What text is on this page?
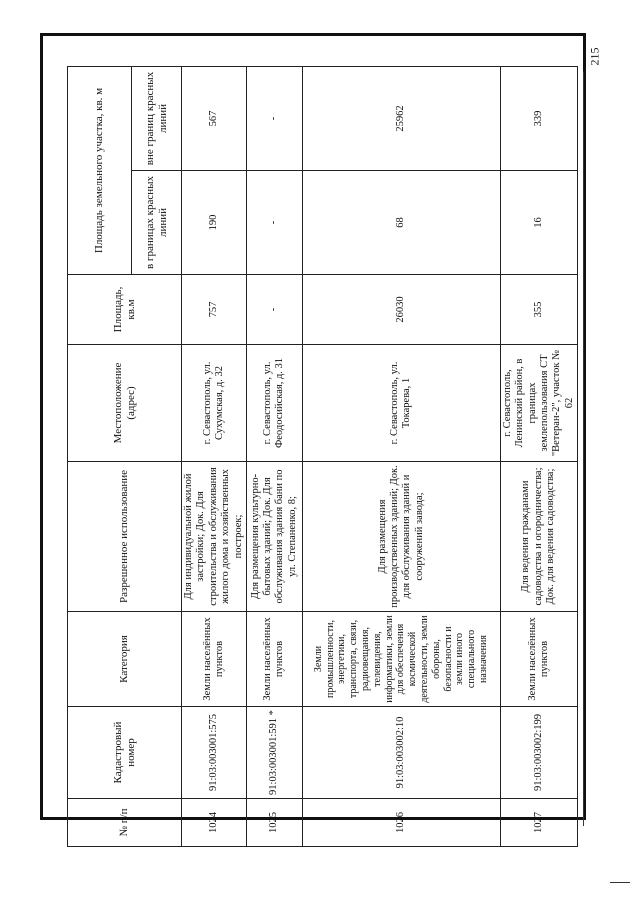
215
№ п/п	Кадастровый номер	Категория	Разрешенное использование	Местоположение (адрес)	Площадь, кв.м	Площадь земельного участка, кв. м	
						в границах красных линий	вне границ красных линий
1024	91:03:003001:575	Земли населённых пунктов	Для индивидуальной жилой застройки; Док. Для строительства и обслуживания жилого дома и хозяйственных построек;	г. Севастополь, ул. Сухумская, д. 32	757	190	567
1025	91:03:003001:591 *	Земли населённых пунктов	Для размещения культурно-бытовых зданий; Док. Для обслуживания здания бани по ул. Степаненко, 8;	г. Севастополь, ул. Феодосийская, д. 31	-	-	-
1026	91:03:003002:10	Земли промышленности, энергетики, транспорта, связи, радиовещания, телевидения, информатики, земли для обеспечения космической деятельности, земли обороны, безопасности и земли иного специального назначения	Для размещения производственных зданий; Док. для обслуживания зданий и сооружений завода;	г. Севастополь, ул. Токарева, 1	26030	68	25962
1027	91:03:003002:199	Земли населённых пунктов	Для ведения гражданами садоводства и огородничества; Док. для ведения садоводства;	г. Севастополь, Ленинский район, в границах землепользования СТ "Ветеран-2", участок № 62	355	16	339
